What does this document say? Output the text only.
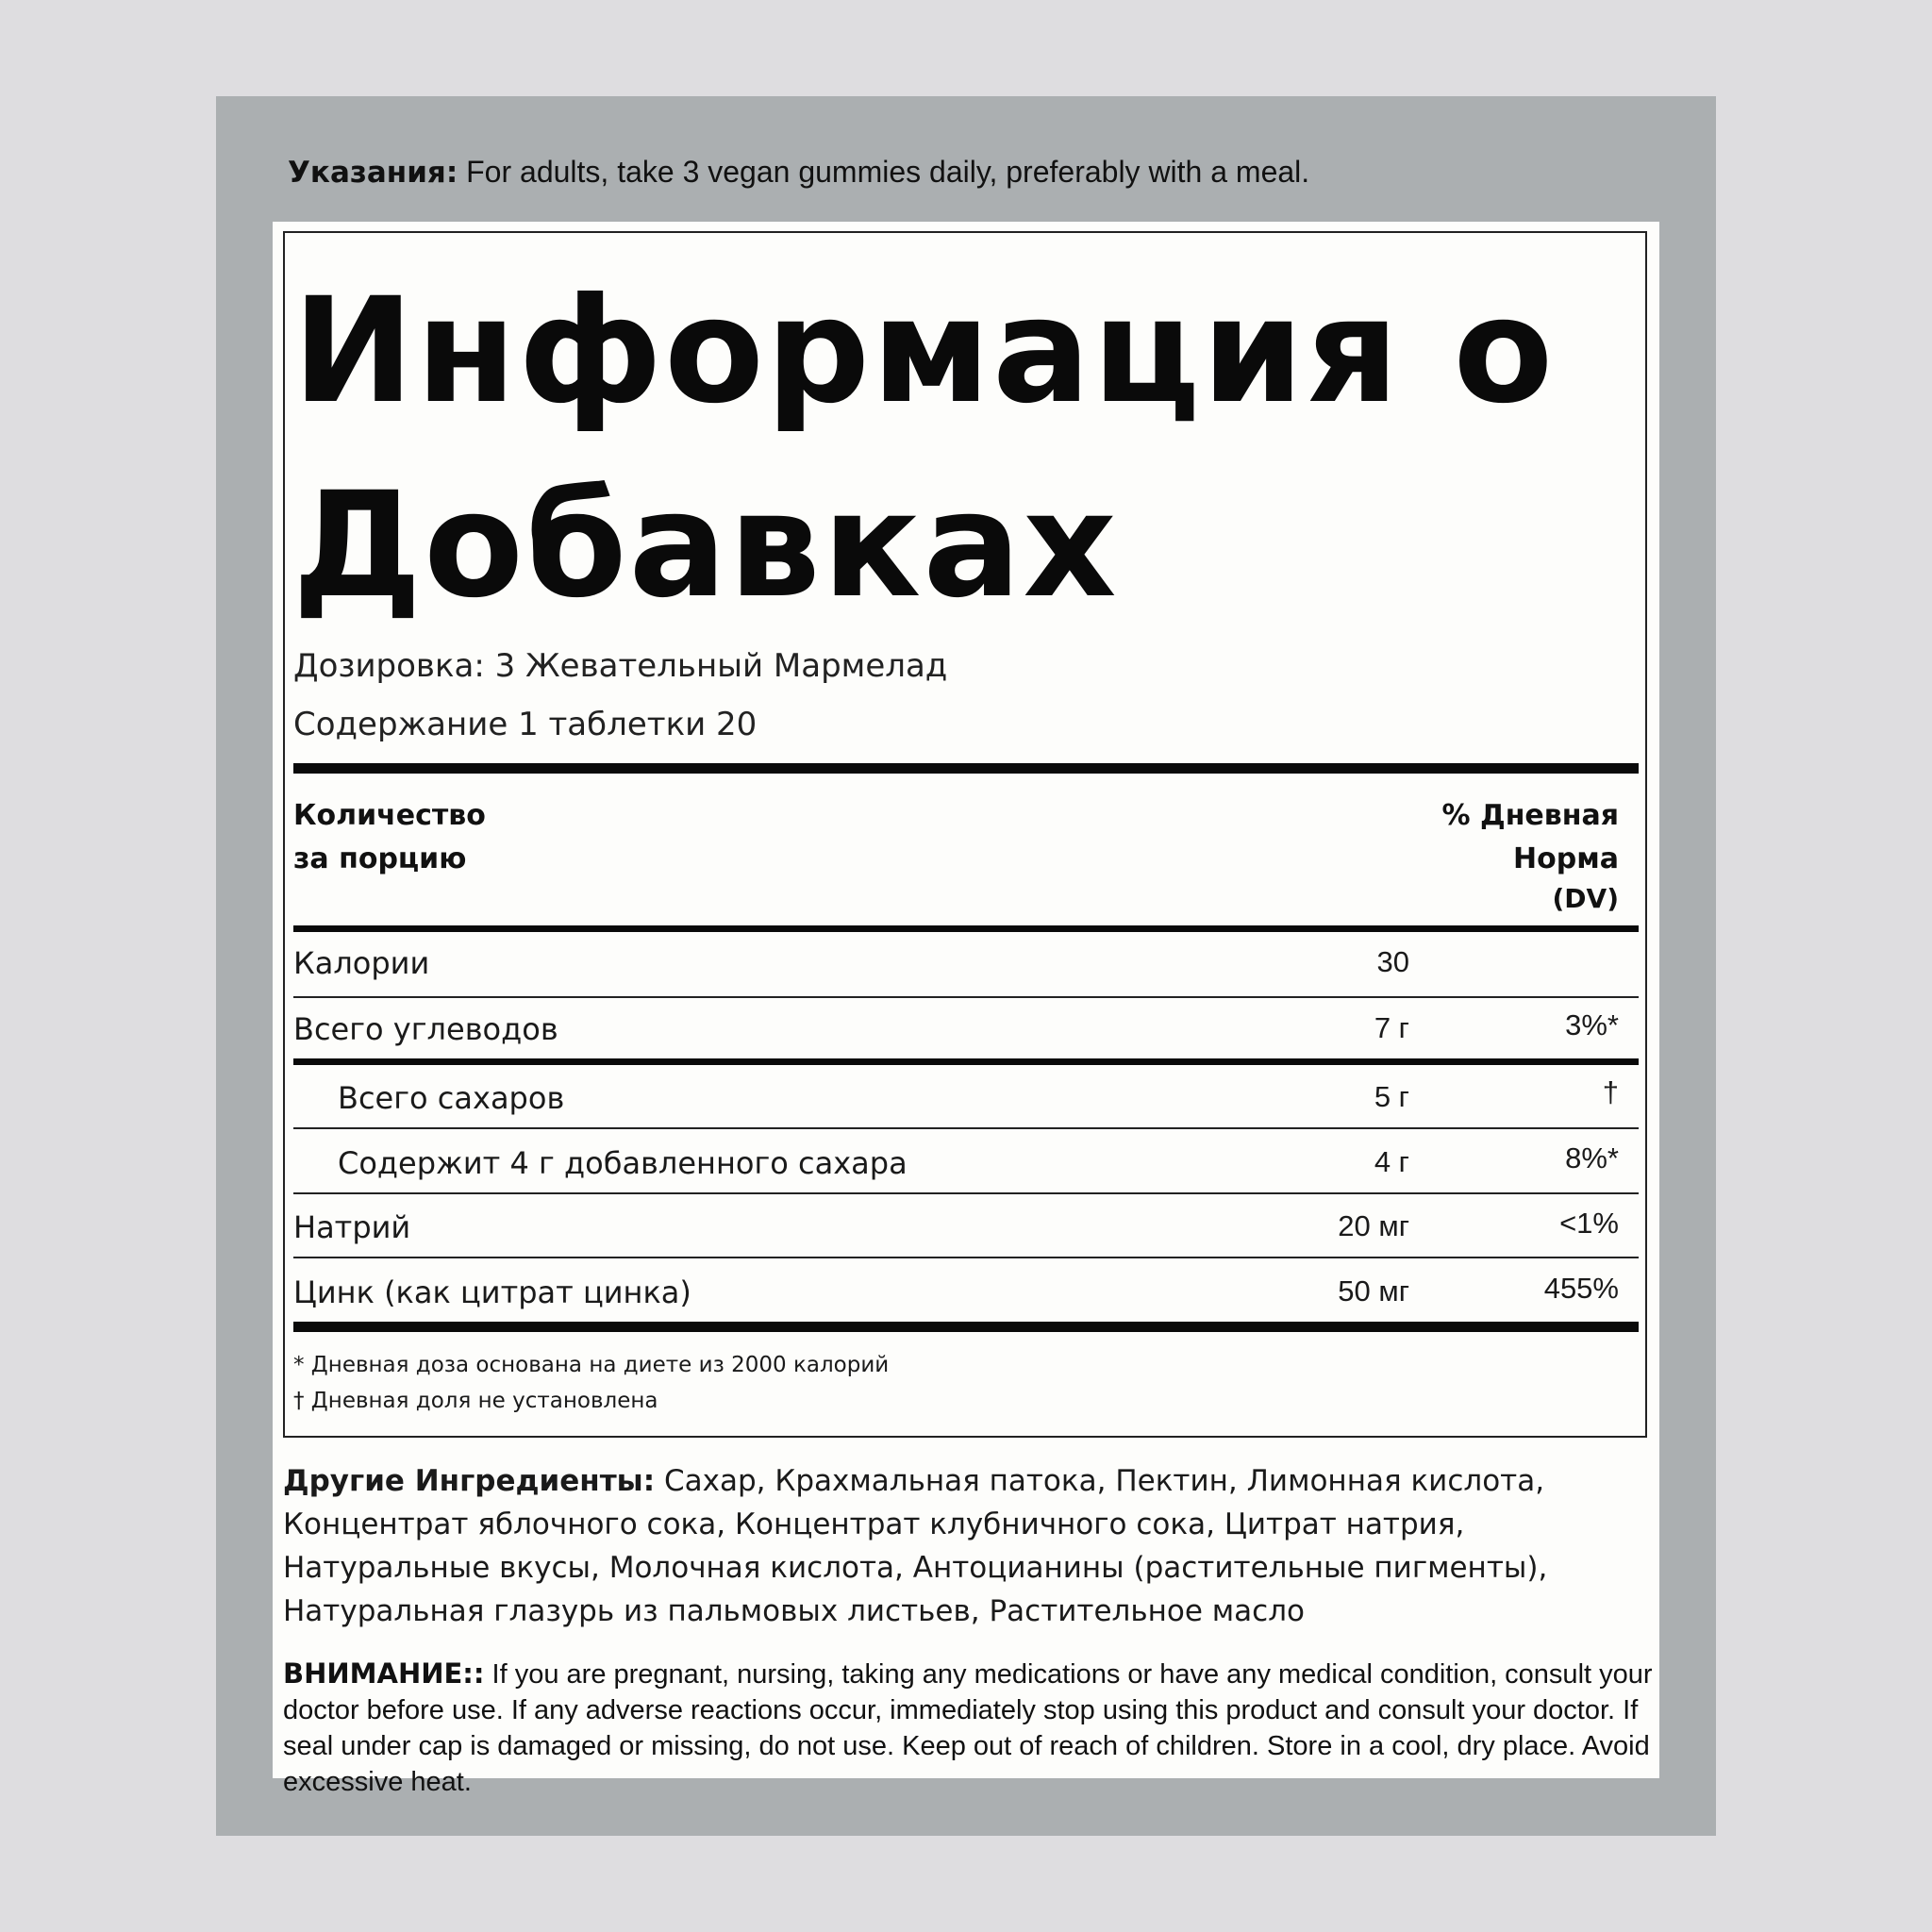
Указания: For adults, take 3 vegan gummies daily, preferably with a meal.
Информация о
Добавках
Дозировка: 3 Жевательный Мармелад
Содержание 1 таблетки 20
Количество
за порцию
% Дневная
Норма
(DV)
Калории	30
Всего углеводов	7 г	3%*
Всего сахаров	5 г	†
Содержит 4 г добавленного сахара	4 г	8%*
Натрий	20 мг	<1%
Цинк (как цитрат цинка)	50 мг	455%
* Дневная доза основана на диете из 2000 калорий
† Дневная доля не установлена
Другие Ингредиенты: Сахар, Крахмальная патока, Пектин, Лимонная кислота, Концентрат яблочного сока, Концентрат клубничного сока, Цитрат натрия, Натуральные вкусы, Молочная кислота, Антоцианины (растительные пигменты), Натуральная глазурь из пальмовых листьев, Растительное масло
ВНИМАНИЕ:: If you are pregnant, nursing, taking any medications or have any medical condition, consult your doctor before use. If any adverse reactions occur, immediately stop using this product and consult your doctor. If seal under cap is damaged or missing, do not use. Keep out of reach of children. Store in a cool, dry place. Avoid excessive heat.
